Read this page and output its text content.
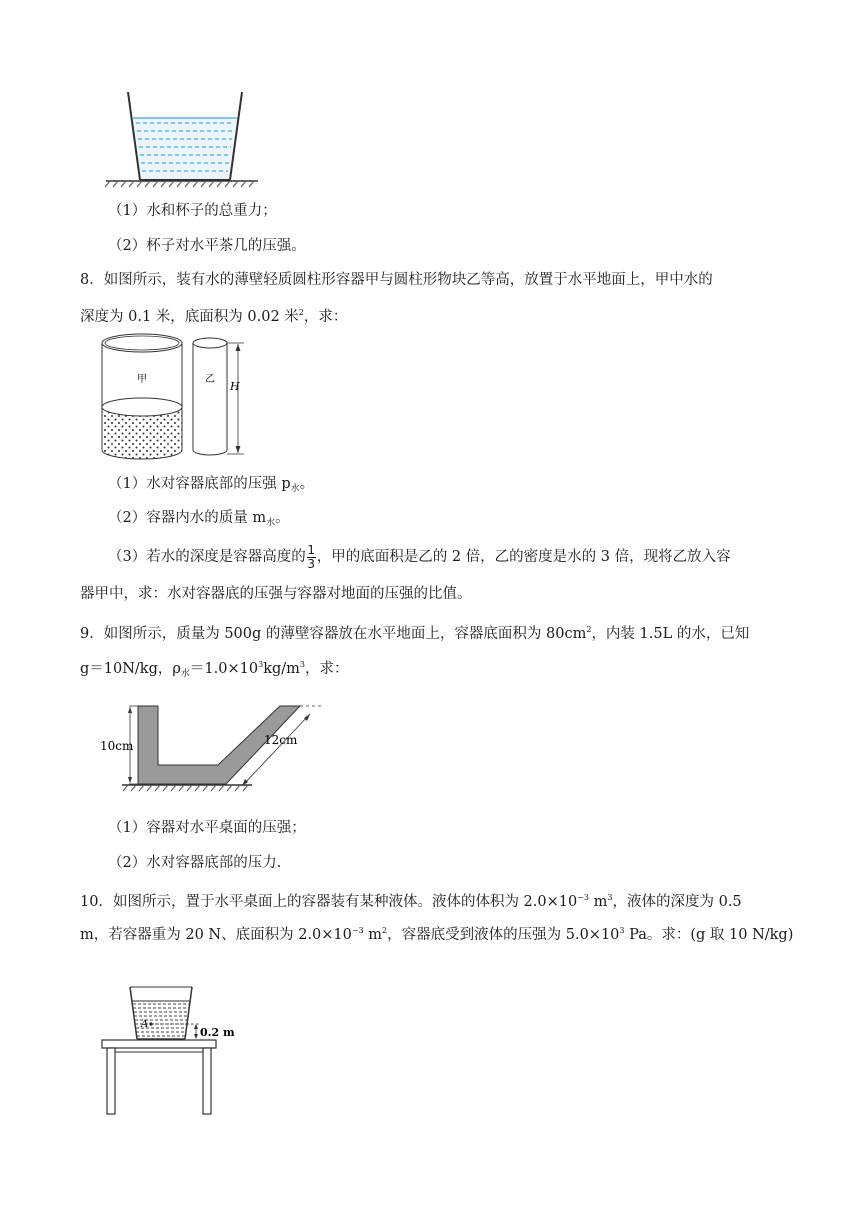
（1）水和杯子的总重力；
（2）杯子对水平茶几的压强。
8．如图所示，装有水的薄壁轻质圆柱形容器甲与圆柱形物块乙等高，放置于水平地面上，甲中水的
深度为 0.1 米，底面积为 0.02 米$^2$，求：
甲	乙
H
（1）水对容器底部的压强 $p_水$。
（2）容器内水的质量 $m_水$。
（3）若水的深度是容器高度的 $\frac{1}{3}$ ，甲的底面积是乙的 2 倍，乙的密度是水的 3 倍，现将乙放入容
器甲中，求：水对容器底的压强与容器对地面的压强的比值。
9．如图所示，质量为 500g 的薄壁容器放在水平地面上，容器底面积为 $80cm^2$，内装 1.5L 的水，已知
g＝10N/kg，$\rho_水=1.0\times 10^3kg/m^3$，求：
10cm	12cm
（1）容器对水平桌面的压强；
（2）水对容器底部的压力.
10．如图所示，置于水平桌面上的容器装有某种液体。液体的体积为 $2.0\times 10^{-3}$ $m^3$，液体的深度为 0.5
m，若容器重为 20 N、底面积为 $2.0\times 10^{-3}$ $m^2$，容器底受到液体的压强为 $5.0\times 10^3$ Pa。求：(g 取 10 N/kg)
A
0.2 m
